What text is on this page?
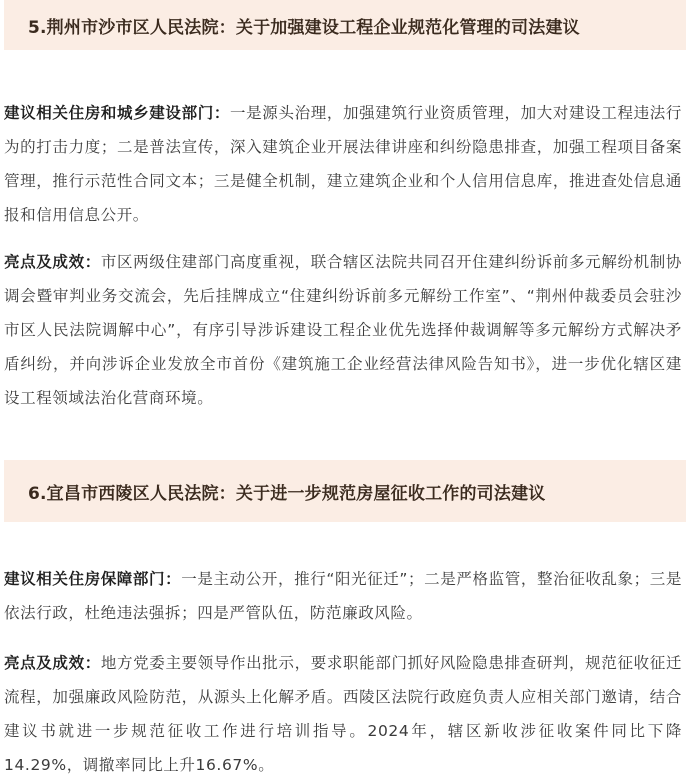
5.荆州市沙市区人民法院：关于加强建设工程企业规范化管理的司法建议

建议相关住房和城乡建设部门：一是源头治理，加强建筑行业资质管理，加大对建设工程违法行为的打击力度；二是普法宣传，深入建筑企业开展法律讲座和纠纷隐患排查，加强工程项目备案管理，推行示范性合同文本；三是健全机制，建立建筑企业和个人信用信息库，推进查处信息通报和信用信息公开。

亮点及成效：市区两级住建部门高度重视，联合辖区法院共同召开住建纠纷诉前多元解纷机制协调会暨审判业务交流会，先后挂牌成立“住建纠纷诉前多元解纷工作室”、“荆州仲裁委员会驻沙市区人民法院调解中心”，有序引导涉诉建设工程企业优先选择仲裁调解等多元解纷方式解决矛盾纠纷，并向涉诉企业发放全市首份《建筑施工企业经营法律风险告知书》，进一步优化辖区建设工程领域法治化营商环境。

6.宜昌市西陵区人民法院：关于进一步规范房屋征收工作的司法建议

建议相关住房保障部门：一是主动公开，推行“阳光征迁”；二是严格监管，整治征收乱象；三是依法行政，杜绝违法强拆；四是严管队伍，防范廉政风险。

亮点及成效：地方党委主要领导作出批示，要求职能部门抓好风险隐患排查研判，规范征收征迁流程，加强廉政风险防范，从源头上化解矛盾。西陵区法院行政庭负责人应相关部门邀请，结合建议书就进一步规范征收工作进行培训指导。2024年，辖区新收涉征收案件同比下降14.29%，调撤率同比上升16.67%。
